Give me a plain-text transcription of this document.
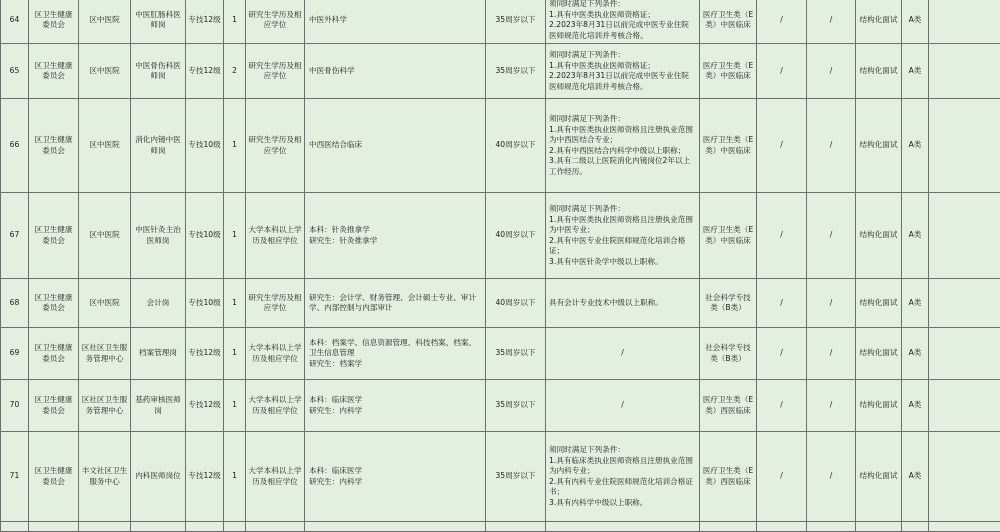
64	区卫生健康委员会	区中医院	中医肛肠科医师岗	专技12级	1	研究生学历及相应学位	中医外科学	35周岁以下	须同时满足下列条件：
1.具有中医类执业医师资格证；
2.2023年8月31日以前完成中医专业住院医师规范化培训并考核合格。	医疗卫生类（E类）中医临床	/	/	结构化面试	A类	
65	区卫生健康委员会	区中医院	中医骨伤科医师岗	专技12级	2	研究生学历及相应学位	中医骨伤科学	35周岁以下	须同时满足下列条件：
1.具有中医类执业医师资格证；
2.2023年8月31日以前完成中医专业住院医师规范化培训并考核合格。	医疗卫生类（E类）中医临床	/	/	结构化面试	A类	
66	区卫生健康委员会	区中医院	消化内镜中医师岗	专技10级	1	研究生学历及相应学位	中西医结合临床	40周岁以下	须同时满足下列条件：
1.具有中医类执业医师资格且注册执业范围为中西医结合专业；
2.具有中西医结合内科学中级以上职称；
3.具有二级以上医院消化内镜岗位2年以上工作经历。	医疗卫生类（E类）中医临床	/	/	结构化面试	A类	
67	区卫生健康委员会	区中医院	中医针灸主治医师岗	专技10级	1	大学本科以上学历及相应学位	本科：针灸推拿学
研究生：针灸推拿学	40周岁以下	须同时满足下列条件：
1.具有中医类执业医师资格且注册执业范围为中医专业；
2.具有中医专业住院医师规范化培训合格证；
3.具有中医针灸学中级以上职称。	医疗卫生类（E类）中医临床	/	/	结构化面试	A类	
68	区卫生健康委员会	区中医院	会计岗	专技10级	1	研究生学历及相应学位	研究生：会计学、财务管理、会计硕士专业、审计学、内部控制与内部审计	40周岁以下	具有会计专业技术中级以上职称。	社会科学专技类（B类）	/	/	结构化面试	A类	
69	区卫生健康委员会	区社区卫生服务管理中心	档案管理岗	专技12级	1	大学本科以上学历及相应学位	本科：档案学、信息资源管理、科技档案、档案、卫生信息管理
研究生：档案学	35周岁以下	/	社会科学专技类（B类）	/	/	结构化面试	A类	
70	区卫生健康委员会	区社区卫生服务管理中心	基药审核医师岗	专技12级	1	大学本科以上学历及相应学位	本科：临床医学
研究生：内科学	35周岁以下	/	医疗卫生类（E类）西医临床	/	/	结构化面试	A类	
71	区卫生健康委员会	丰文社区卫生服务中心	内科医师岗位	专技12级	1	大学本科以上学历及相应学位	本科：临床医学
研究生：内科学	35周岁以下	须同时满足下列条件：
1.具有临床类执业医师资格且注册执业范围为内科专业；
2.具有内科专业住院医师规范化培训合格证书；
3.具有内科学中级以上职称。	医疗卫生类（E类）西医临床	/	/	结构化面试	A类	
